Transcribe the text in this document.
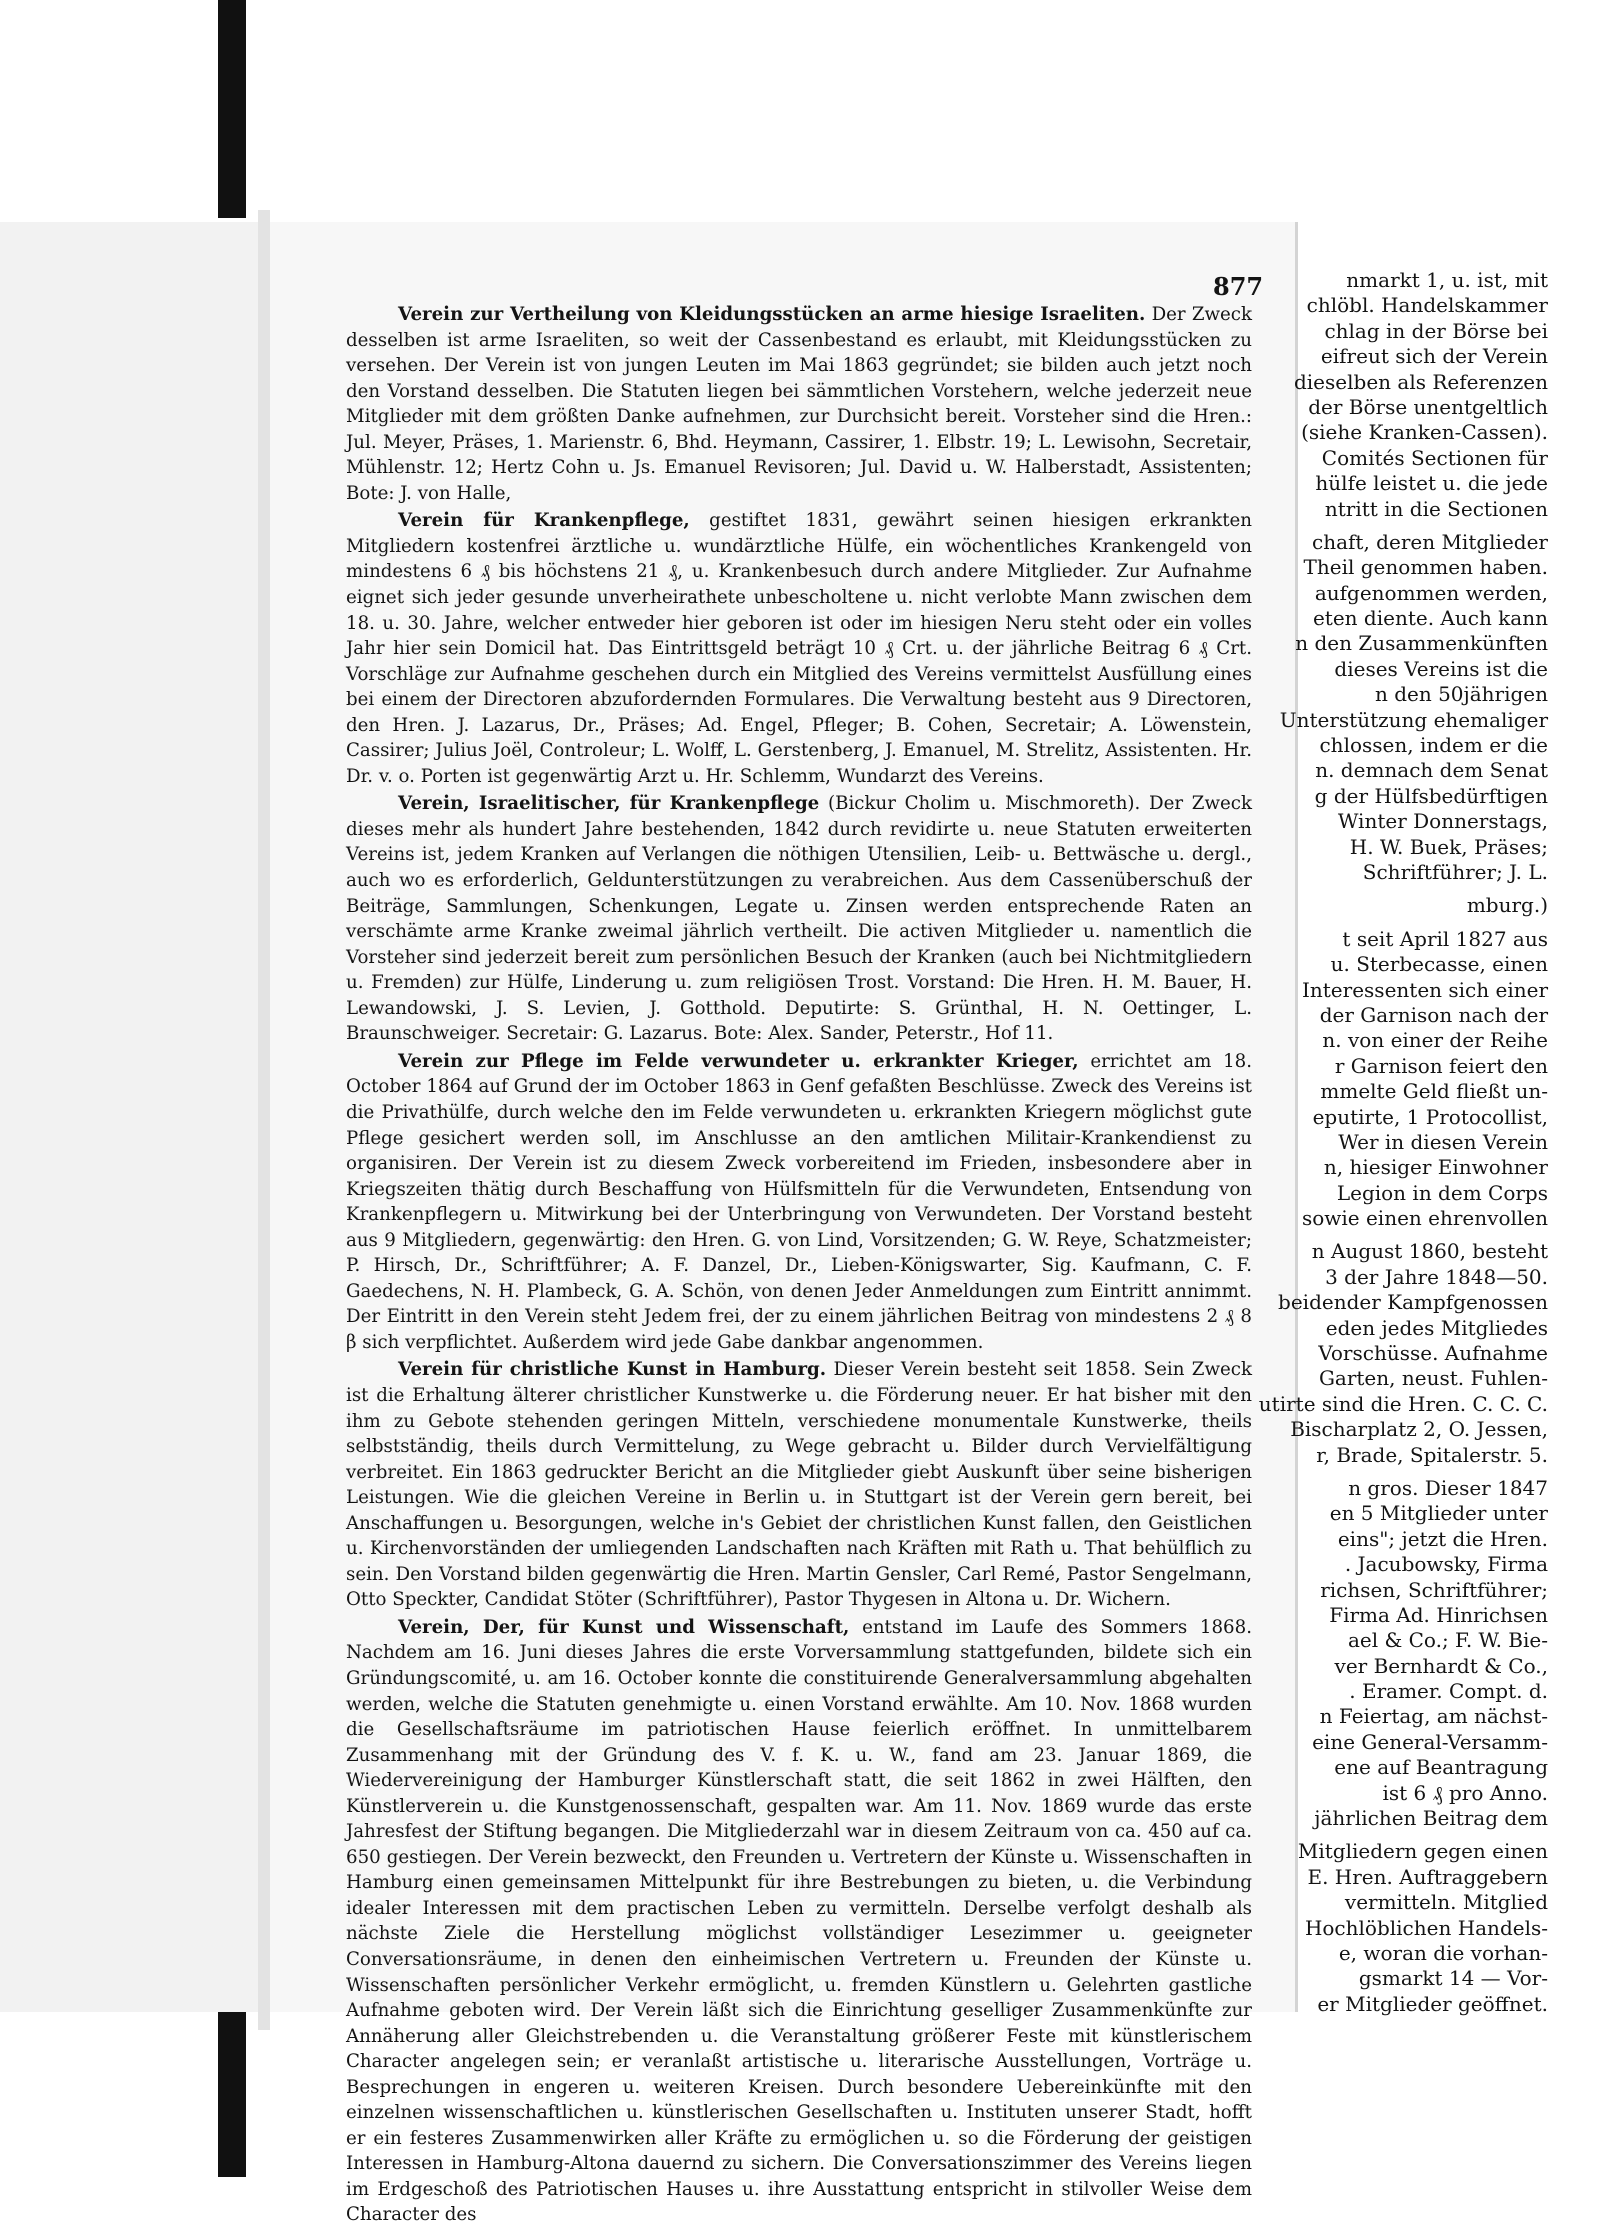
nmarkt 1, u. ist, mit
chlöbl. Handelskammer
chlag in der Börse bei
eifreut sich der Verein
dieselben als Referenzen
der Börse unentgeltlich
(siehe Kranken-Cassen).
Comités Sectionen für
hülfe leistet u. die jede
ntritt in die Sectionen
chaft, deren Mitglieder
Theil genommen haben.
aufgenommen werden,
eten diente. Auch kann
n den Zusammenkünften
dieses Vereins ist die
n den 50jährigen
Unterstützung ehemaliger
chlossen, indem er die
n. demnach dem Senat
g der Hülfsbedürftigen
Winter Donnerstags,
H. W. Buek, Präses;
Schriftführer; J. L.
mburg.)
t seit April 1827 aus
u. Sterbecasse, einen
Interessenten sich einer
der Garnison nach der
n. von einer der Reihe
r Garnison feiert den
mmelte Geld fließt un-
eputirte, 1 Protocollist,
Wer in diesen Verein
n, hiesiger Einwohner
Legion in dem Corps
sowie einen ehrenvollen
n August 1860, besteht
3 der Jahre 1848—50.
beidender Kampfgenossen
eden jedes Mitgliedes
Vorschüsse. Aufnahme
Garten, neust. Fuhlen-
utirte sind die Hren. C. C. C.
Bischarplatz 2, O. Jessen,
r, Brade, Spitalerstr. 5.
n gros. Dieser 1847
en 5 Mitglieder unter
eins"; jetzt die Hren.
. Jacubowsky, Firma
richsen, Schriftführer;
Firma Ad. Hinrichsen
ael & Co.; F. W. Bie-
ver Bernhardt & Co.,
. Eramer. Compt. d.
n Feiertag, am nächst-
eine General-Versamm-
ene auf Beantragung
ist 6 ₰ pro Anno.
jährlichen Beitrag dem
Mitgliedern gegen einen
E. Hren. Auftraggebern
vermitteln. Mitglied
Hochlöblichen Handels-
e, woran die vorhan-
gsmarkt 14 — Vor-
er Mitglieder geöffnet.
877

Verein zur Vertheilung von Kleidungsstücken an arme hiesige Israeliten. Der Zweck desselben ist arme Israeliten, so weit der Cassenbestand es erlaubt, mit Kleidungsstücken zu versehen. Der Verein ist von jungen Leuten im Mai 1863 gegründet; sie bilden auch jetzt noch den Vorstand desselben. Die Statuten liegen bei sämmtlichen Vorstehern, welche jederzeit neue Mitglieder mit dem größten Danke aufnehmen, zur Durchsicht bereit. Vorsteher sind die Hren.: Jul. Meyer, Präses, 1. Marienstr. 6, Bhd. Heymann, Cassirer, 1. Elbstr. 19; L. Lewisohn, Secretair, Mühlenstr. 12; Hertz Cohn u. Js. Emanuel Revisoren; Jul. David u. W. Halberstadt, Assistenten; Bote: J. von Halle,

Verein für Krankenpflege, gestiftet 1831, gewährt seinen hiesigen erkrankten Mitgliedern kostenfrei ärztliche u. wundärztliche Hülfe, ein wöchentliches Krankengeld von mindestens 6 ₰ bis höchstens 21 ₰, u. Krankenbesuch durch andere Mitglieder. Zur Aufnahme eignet sich jeder gesunde unverheirathete unbescholtene u. nicht verlobte Mann zwischen dem 18. u. 30. Jahre, welcher entweder hier geboren ist oder im hiesigen Neru steht oder ein volles Jahr hier sein Domicil hat. Das Eintrittsgeld beträgt 10 ₰ Crt. u. der jährliche Beitrag 6 ₰ Crt. Vorschläge zur Aufnahme geschehen durch ein Mitglied des Vereins vermittelst Ausfüllung eines bei einem der Directoren abzufordernden Formulares. Die Verwaltung besteht aus 9 Directoren, den Hren. J. Lazarus, Dr., Präses; Ad. Engel, Pfleger; B. Cohen, Secretair; A. Löwenstein, Cassirer; Julius Joël, Controleur; L. Wolff, L. Gerstenberg, J. Emanuel, M. Strelitz, Assistenten. Hr. Dr. v. o. Porten ist gegenwärtig Arzt u. Hr. Schlemm, Wundarzt des Vereins.

Verein, Israelitischer, für Krankenpflege (Bickur Cholim u. Mischmoreth). Der Zweck dieses mehr als hundert Jahre bestehenden, 1842 durch revidirte u. neue Statuten erweiterten Vereins ist, jedem Kranken auf Verlangen die nöthigen Utensilien, Leib- u. Bettwäsche u. dergl., auch wo es erforderlich, Geldunterstützungen zu verabreichen. Aus dem Cassenüberschuß der Beiträge, Sammlungen, Schenkungen, Legate u. Zinsen werden entsprechende Raten an verschämte arme Kranke zweimal jährlich vertheilt. Die activen Mitglieder u. namentlich die Vorsteher sind jederzeit bereit zum persönlichen Besuch der Kranken (auch bei Nichtmitgliedern u. Fremden) zur Hülfe, Linderung u. zum religiösen Trost. Vorstand: Die Hren. H. M. Bauer, H. Lewandowski, J. S. Levien, J. Gotthold. Deputirte: S. Grünthal, H. N. Oettinger, L. Braunschweiger. Secretair: G. Lazarus. Bote: Alex. Sander, Peterstr., Hof 11.

Verein zur Pflege im Felde verwundeter u. erkrankter Krieger, errichtet am 18. October 1864 auf Grund der im October 1863 in Genf gefaßten Beschlüsse. Zweck des Vereins ist die Privathülfe, durch welche den im Felde verwundeten u. erkrankten Kriegern möglichst gute Pflege gesichert werden soll, im Anschlusse an den amtlichen Militair-Krankendienst zu organisiren. Der Verein ist zu diesem Zweck vorbereitend im Frieden, insbesondere aber in Kriegszeiten thätig durch Beschaffung von Hülfsmitteln für die Verwundeten, Entsendung von Krankenpflegern u. Mitwirkung bei der Unterbringung von Verwundeten. Der Vorstand besteht aus 9 Mitgliedern, gegenwärtig: den Hren. G. von Lind, Vorsitzenden; G. W. Reye, Schatzmeister; P. Hirsch, Dr., Schriftführer; A. F. Danzel, Dr., Lieben-Königswarter, Sig. Kaufmann, C. F. Gaedechens, N. H. Plambeck, G. A. Schön, von denen Jeder Anmeldungen zum Eintritt annimmt. Der Eintritt in den Verein steht Jedem frei, der zu einem jährlichen Beitrag von mindestens 2 ₰ 8 β sich verpflichtet. Außerdem wird jede Gabe dankbar angenommen.

Verein für christliche Kunst in Hamburg. Dieser Verein besteht seit 1858. Sein Zweck ist die Erhaltung älterer christlicher Kunstwerke u. die Förderung neuer. Er hat bisher mit den ihm zu Gebote stehenden geringen Mitteln, verschiedene monumentale Kunstwerke, theils selbstständig, theils durch Vermittelung, zu Wege gebracht u. Bilder durch Vervielfältigung verbreitet. Ein 1863 gedruckter Bericht an die Mitglieder giebt Auskunft über seine bisherigen Leistungen. Wie die gleichen Vereine in Berlin u. in Stuttgart ist der Verein gern bereit, bei Anschaffungen u. Besorgungen, welche in's Gebiet der christlichen Kunst fallen, den Geistlichen u. Kirchenvorständen der umliegenden Landschaften nach Kräften mit Rath u. That behülflich zu sein. Den Vorstand bilden gegenwärtig die Hren. Martin Gensler, Carl Remé, Pastor Sengelmann, Otto Speckter, Candidat Stöter (Schriftführer), Pastor Thygesen in Altona u. Dr. Wichern.

Verein, Der, für Kunst und Wissenschaft, entstand im Laufe des Sommers 1868. Nachdem am 16. Juni dieses Jahres die erste Vorversammlung stattgefunden, bildete sich ein Gründungscomité, u. am 16. October konnte die constituirende Generalversammlung abgehalten werden, welche die Statuten genehmigte u. einen Vorstand erwählte. Am 10. Nov. 1868 wurden die Gesellschaftsräume im patriotischen Hause feierlich eröffnet. In unmittelbarem Zusammenhang mit der Gründung des V. f. K. u. W., fand am 23. Januar 1869, die Wiedervereinigung der Hamburger Künstlerschaft statt, die seit 1862 in zwei Hälften, den Künstlerverein u. die Kunstgenossenschaft, gespalten war. Am 11. Nov. 1869 wurde das erste Jahresfest der Stiftung begangen. Die Mitgliederzahl war in diesem Zeitraum von ca. 450 auf ca. 650 gestiegen. Der Verein bezweckt, den Freunden u. Vertretern der Künste u. Wissenschaften in Hamburg einen gemeinsamen Mittelpunkt für ihre Bestrebungen zu bieten, u. die Verbindung idealer Interessen mit dem practischen Leben zu vermitteln. Derselbe verfolgt deshalb als nächste Ziele die Herstellung möglichst vollständiger Lesezimmer u. geeigneter Conversationsräume, in denen den einheimischen Vertretern u. Freunden der Künste u. Wissenschaften persönlicher Verkehr ermöglicht, u. fremden Künstlern u. Gelehrten gastliche Aufnahme geboten wird. Der Verein läßt sich die Einrichtung geselliger Zusammenkünfte zur Annäherung aller Gleichstrebenden u. die Veranstaltung größerer Feste mit künstlerischem Character angelegen sein; er veranlaßt artistische u. literarische Ausstellungen, Vorträge u. Besprechungen in engeren u. weiteren Kreisen. Durch besondere Uebereinkünfte mit den einzelnen wissenschaftlichen u. künstlerischen Gesellschaften u. Instituten unserer Stadt, hofft er ein festeres Zusammenwirken aller Kräfte zu ermöglichen u. so die Förderung der geistigen Interessen in Hamburg-Altona dauernd zu sichern. Die Conversationszimmer des Vereins liegen im Erdgeschoß des Patriotischen Hauses u. ihre Ausstattung entspricht in stilvoller Weise dem Character des
